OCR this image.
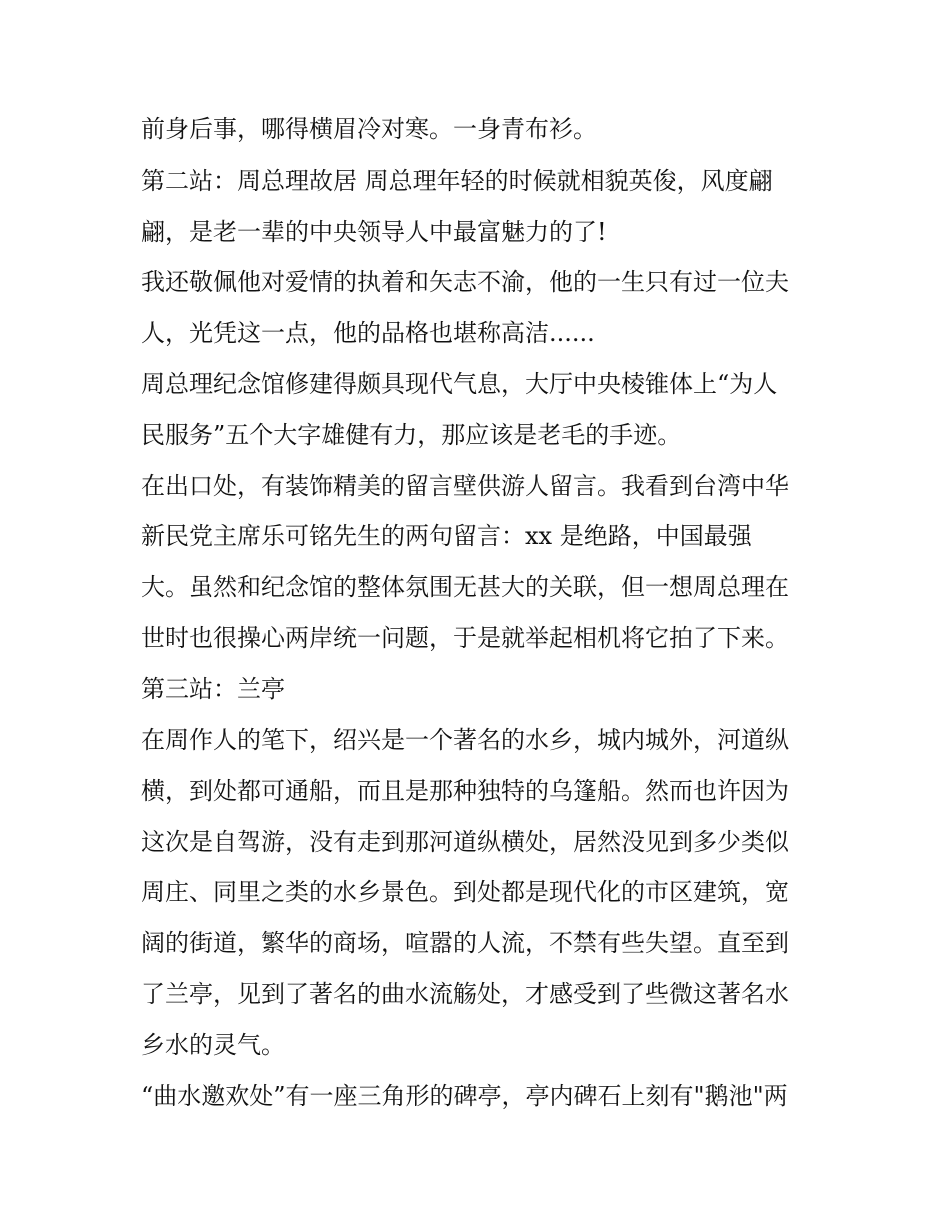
前身后事，哪得横眉冷对寒。一身青布衫。
第二站：周总理故居 周总理年轻的时候就相貌英俊，风度翩
翩，是老一辈的中央领导人中最富魅力的了!
我还敬佩他对爱情的执着和矢志不渝，他的一生只有过一位夫
人，光凭这一点，他的品格也堪称高洁......
周总理纪念馆修建得颇具现代气息，大厅中央棱锥体上“为人
民服务”五个大字雄健有力，那应该是老毛的手迹。
在出口处，有装饰精美的留言壁供游人留言。我看到台湾中华
新民党主席乐可铭先生的两句留言：xx 是绝路，中国最强
大。虽然和纪念馆的整体氛围无甚大的关联，但一想周总理在
世时也很操心两岸统一问题，于是就举起相机将它拍了下来。
第三站：兰亭
在周作人的笔下，绍兴是一个著名的水乡，城内城外，河道纵
横，到处都可通船，而且是那种独特的乌篷船。然而也许因为
这次是自驾游，没有走到那河道纵横处，居然没见到多少类似
周庄、同里之类的水乡景色。到处都是现代化的市区建筑，宽
阔的街道，繁华的商场，喧嚣的人流，不禁有些失望。直至到
了兰亭，见到了著名的曲水流觞处，才感受到了些微这著名水
乡水的灵气。
“曲水邀欢处”有一座三角形的碑亭，亭内碑石上刻有"鹅池"两
